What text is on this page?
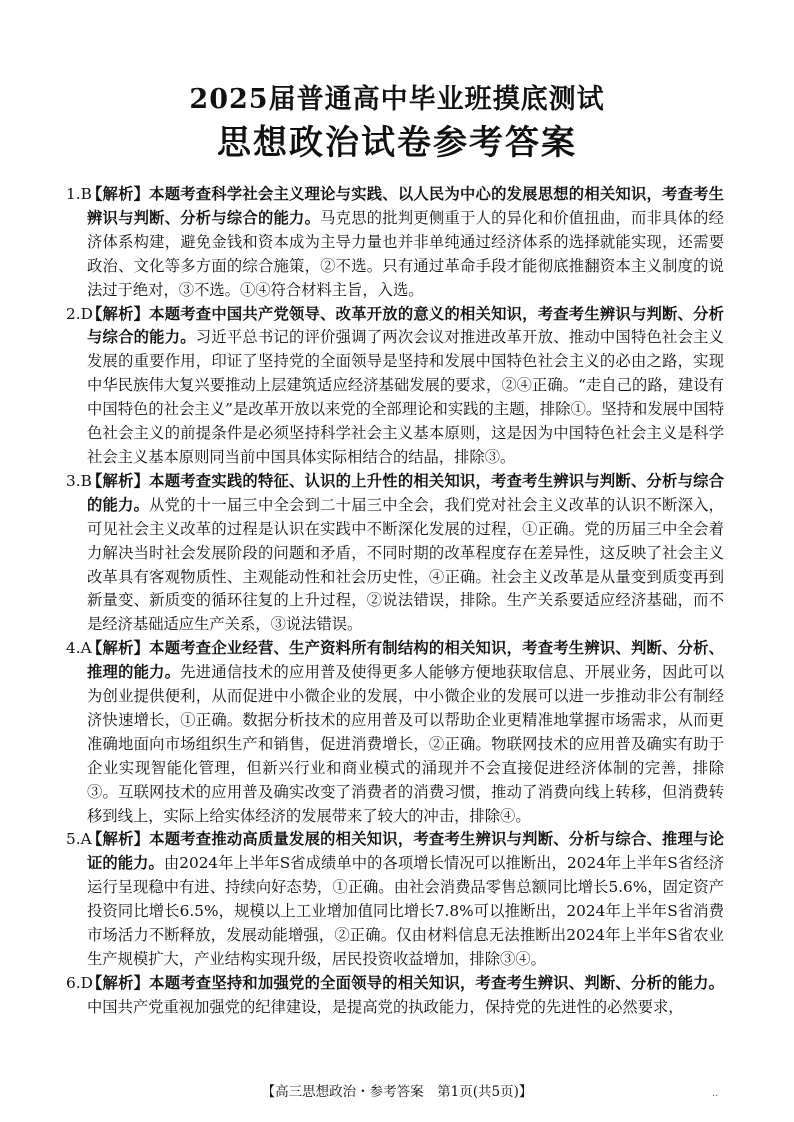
2025届普通高中毕业班摸底测试
思想政治试卷参考答案

1.B
【解析】本题考查科学社会主义理论与实践、以人民为中心的发展思想的相关知识，考查考生辨识与判断、分析与综合的能力。马克思的批判更侧重于人的异化和价值扭曲，而非具体的经济体系构建，避免金钱和资本成为主导力量也并非单纯通过经济体系的选择就能实现，还需要政治、文化等多方面的综合施策，②不选。只有通过革命手段才能彻底推翻资本主义制度的说法过于绝对，③不选。①④符合材料主旨，入选。

2.D
【解析】本题考查中国共产党领导、改革开放的意义的相关知识，考查考生辨识与判断、分析与综合的能力。习近平总书记的评价强调了两次会议对推进改革开放、推动中国特色社会主义发展的重要作用，印证了坚持党的全面领导是坚持和发展中国特色社会主义的必由之路，实现中华民族伟大复兴要推动上层建筑适应经济基础发展的要求，②④正确。“走自己的路，建设有中国特色的社会主义”是改革开放以来党的全部理论和实践的主题，排除①。坚持和发展中国特色社会主义的前提条件是必须坚持科学社会主义基本原则，这是因为中国特色社会主义是科学社会主义基本原则同当前中国具体实际相结合的结晶，排除③。

3.B
【解析】本题考查实践的特征、认识的上升性的相关知识，考查考生辨识与判断、分析与综合的能力。从党的十一届三中全会到二十届三中全会，我们党对社会主义改革的认识不断深入，可见社会主义改革的过程是认识在实践中不断深化发展的过程，①正确。党的历届三中全会着力解决当时社会发展阶段的问题和矛盾，不同时期的改革程度存在差异性，这反映了社会主义改革具有客观物质性、主观能动性和社会历史性，④正确。社会主义改革是从量变到质变再到新量变、新质变的循环往复的上升过程，②说法错误，排除。生产关系要适应经济基础，而不是经济基础适应生产关系，③说法错误。

4.A
【解析】本题考查企业经营、生产资料所有制结构的相关知识，考查考生辨识、判断、分析、推理的能力。先进通信技术的应用普及使得更多人能够方便地获取信息、开展业务，因此可以为创业提供便利，从而促进中小微企业的发展，中小微企业的发展可以进一步推动非公有制经济快速增长，①正确。数据分析技术的应用普及可以帮助企业更精准地掌握市场需求，从而更准确地面向市场组织生产和销售，促进消费增长，②正确。物联网技术的应用普及确实有助于企业实现智能化管理，但新兴行业和商业模式的涌现并不会直接促进经济体制的完善，排除③。互联网技术的应用普及确实改变了消费者的消费习惯，推动了消费向线上转移，但消费转移到线上，实际上给实体经济的发展带来了较大的冲击，排除④。

5.A
【解析】本题考查推动高质量发展的相关知识，考查考生辨识与判断、分析与综合、推理与论证的能力。由2024年上半年S省成绩单中的各项增长情况可以推断出，2024年上半年S省经济运行呈现稳中有进、持续向好态势，①正确。由社会消费品零售总额同比增长5.6%，固定资产投资同比增长6.5%，规模以上工业增加值同比增长7.8%可以推断出，2024年上半年S省消费市场活力不断释放，发展动能增强，②正确。仅由材料信息无法推断出2024年上半年S省农业生产规模扩大，产业结构实现升级，居民投资收益增加，排除③④。

6.D
【解析】本题考查坚持和加强党的全面领导的相关知识，考查考生辨识、判断、分析的能力。中国共产党重视加强党的纪律建设，是提高党的执政能力，保持党的先进性的必然要求，

【高三思想政治・参考答案　第1页(共5页)】	..
